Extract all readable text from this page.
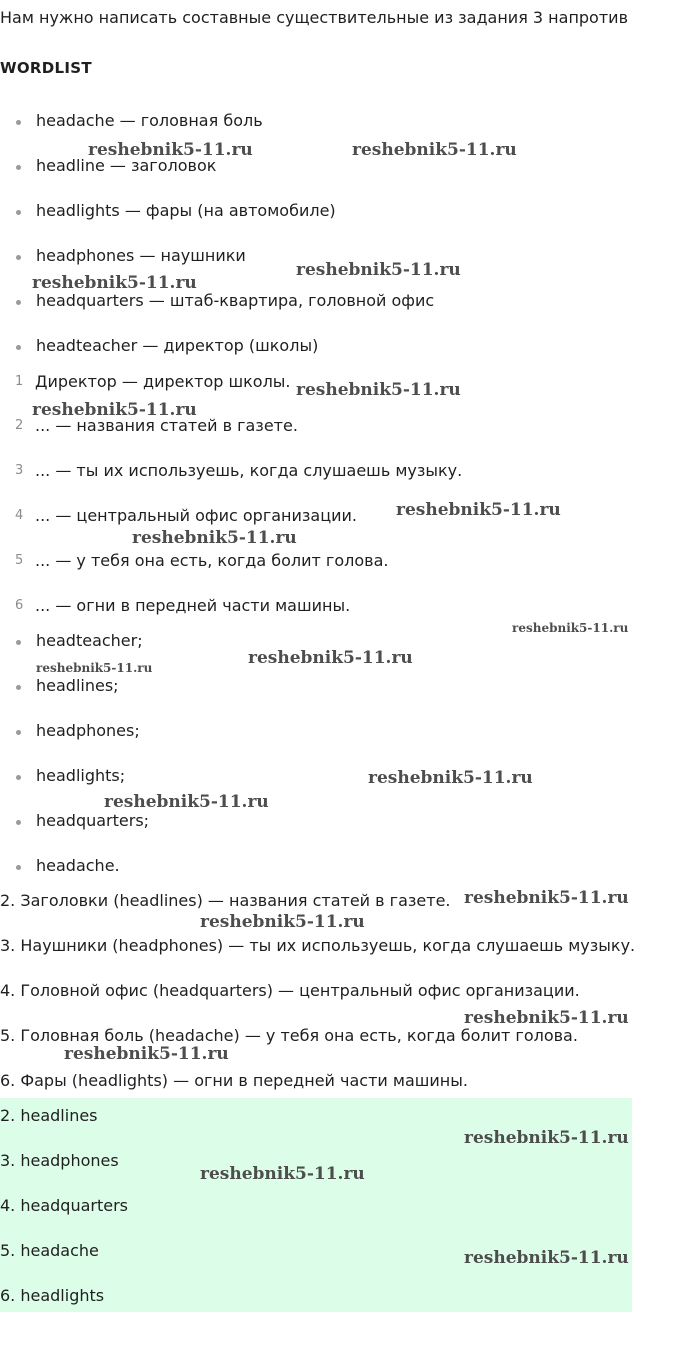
Нам нужно написать составные существительные из задания 3 напротив
WORDLIST
headache — головная боль
headline — заголовок
headlights — фары (на автомобиле)
headphones — наушники
headquarters — штаб-квартира, головной офис
headteacher — директор (школы)
1 Директор — директор школы.
2 ... — названия статей в газете.
3 ... — ты их используешь, когда слушаешь музыку.
4 ... — центральный офис организации.
5 ... — у тебя она есть, когда болит голова.
6 ... — огни в передней части машины.
headteacher;
headlines;
headphones;
headlights;
headquarters;
headache.
2. Заголовки (headlines) — названия статей в газете.
3. Наушники (headphones) — ты их используешь, когда слушаешь музыку.
4. Головной офис (headquarters) — центральный офис организации.
5. Головная боль (headache) — у тебя она есть, когда болит голова.
6. Фары (headlights) — огни в передней части машины.
2. headlines
3. headphones
4. headquarters
5. headache
6. headlights
reshebnik5-11.ru	reshebnik5-11.ru
reshebnik5-11.ru
reshebnik5-11.ru
reshebnik5-11.ru
reshebnik5-11.ru
reshebnik5-11.ru
reshebnik5-11.ru
reshebnik5-11.ru
reshebnik5-11.ru
reshebnik5-11.ru
reshebnik5-11.ru
reshebnik5-11.ru
reshebnik5-11.ru
reshebnik5-11.ru
reshebnik5-11.ru
reshebnik5-11.ru
reshebnik5-11.ru
reshebnik5-11.ru
reshebnik5-11.ru
